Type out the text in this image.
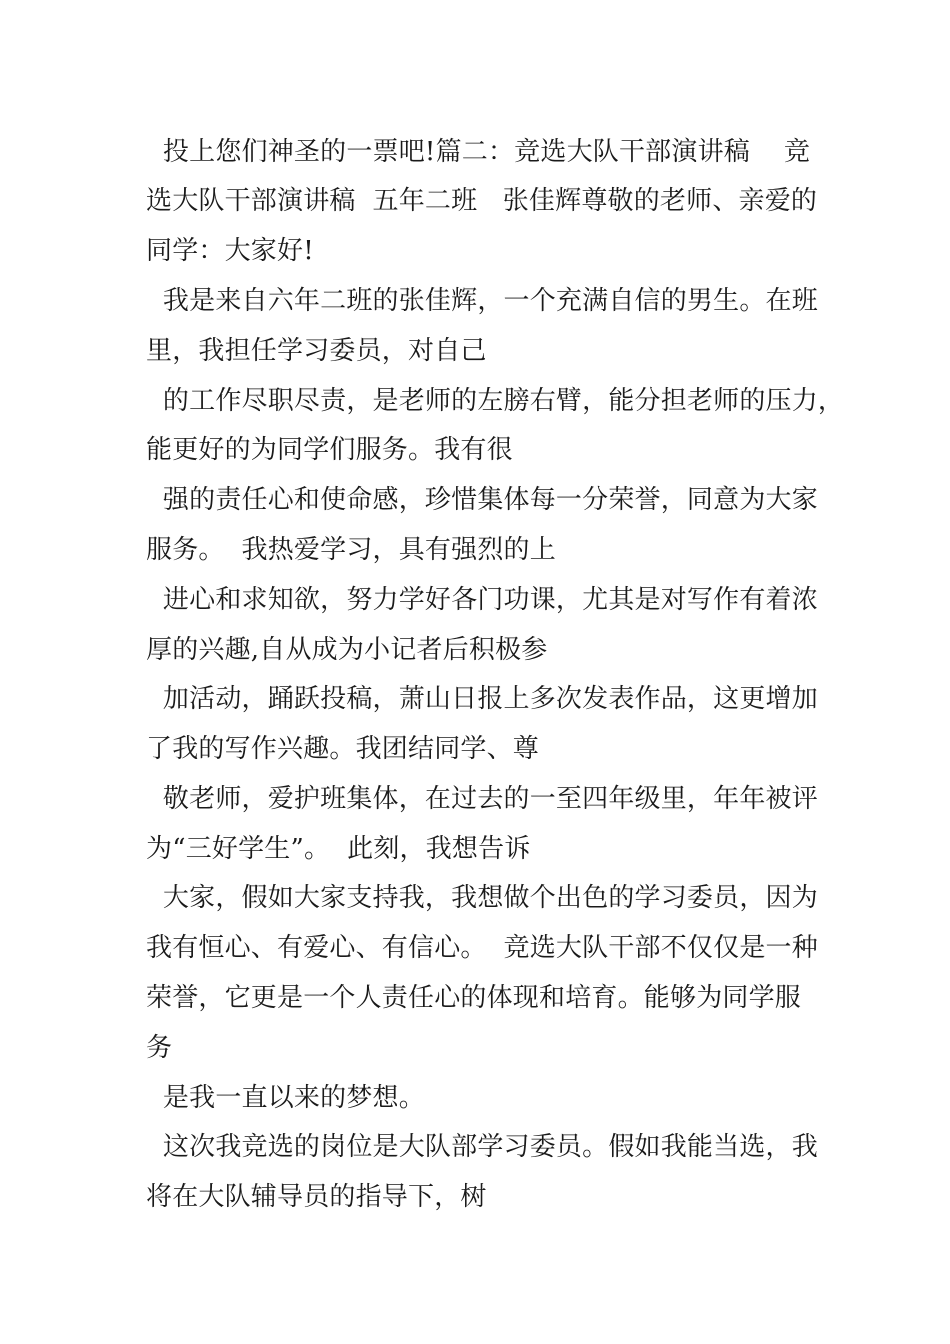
投上您们神圣的一票吧!篇二：竞选大队干部演讲稿    竞
选大队干部演讲稿  五年二班   张佳辉尊敬的老师、亲爱的
同学：大家好!
我是来自六年二班的张佳辉，一个充满自信的男生。在班
里，我担任学习委员，对自己
的工作尽职尽责，是老师的左膀右臂，能分担老师的压力，
能更好的为同学们服务。我有很
强的责任心和使命感，珍惜集体每一分荣誉，同意为大家
服务。  我热爱学习，具有强烈的上
进心和求知欲，努力学好各门功课，尤其是对写作有着浓
厚的兴趣,自从成为小记者后积极参
加活动，踊跃投稿，萧山日报上多次发表作品，这更增加
了我的写作兴趣。我团结同学、尊
敬老师，爱护班集体，在过去的一至四年级里，年年被评
为“三好学生”。  此刻，我想告诉
大家，假如大家支持我，我想做个出色的学习委员，因为
我有恒心、有爱心、有信心。  竞选大队干部不仅仅是一种
荣誉，它更是一个人责任心的体现和培育。能够为同学服
务
是我一直以来的梦想。
这次我竞选的岗位是大队部学习委员。假如我能当选，我
将在大队辅导员的指导下，树
